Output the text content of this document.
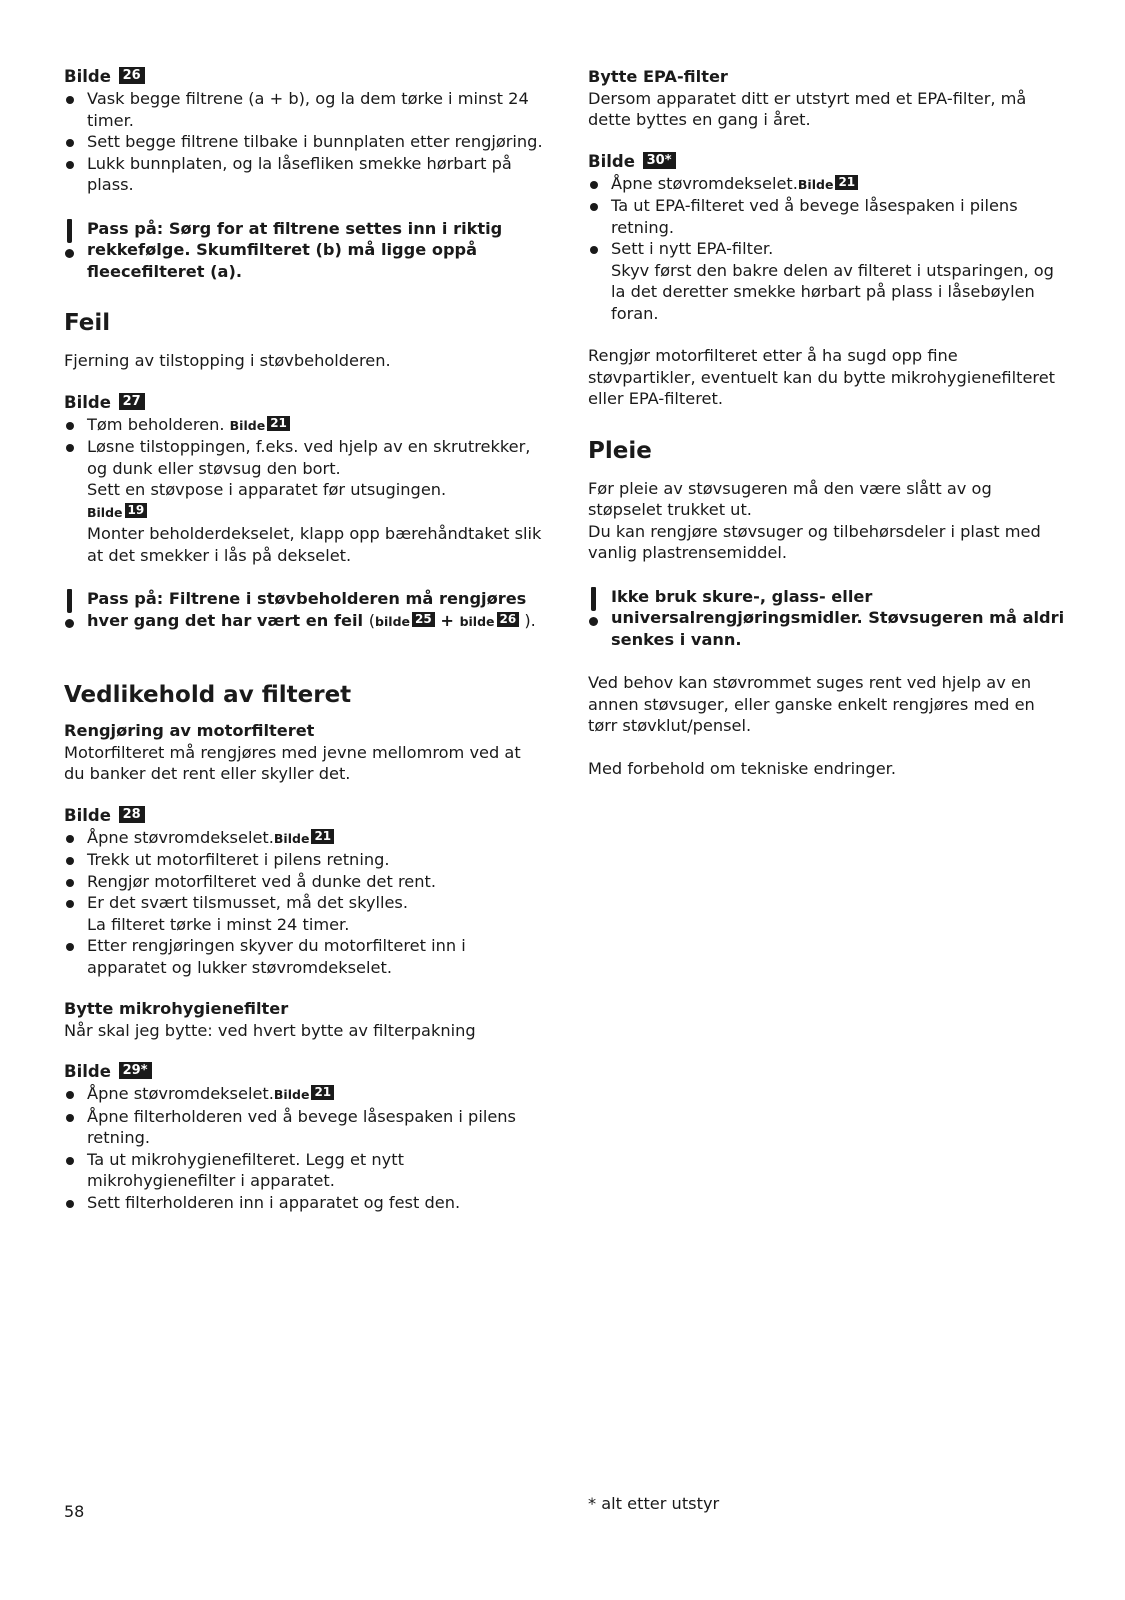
Bilde 26
Vask begge filtrene (a + b), og la dem tørke i minst 24 timer.
Sett begge filtrene tilbake i bunnplaten etter rengjøring.
Lukk bunnplaten, og la låsefliken smekke hørbart på plass.

Pass på: Sørg for at filtrene settes inn i riktig rekkefølge. Skumfilteret (b) må ligge oppå fleecefilteret (a).

Feil

Fjerning av tilstopping i støvbeholderen.

Bilde 27
Tøm beholderen. Bilde 21
Løsne tilstoppingen, f.eks. ved hjelp av en skrutrekker, og dunk eller støvsug den bort.
Sett en støvpose i apparatet før utsugingen.
Bilde 19
Monter beholderdekselet, klapp opp bærehåndtaket slik at det smekker i lås på dekselet.

Pass på: Filtrene i støvbeholderen må rengjøres hver gang det har vært en feil (bilde 25 + bilde 26 ).

Vedlikehold av filteret

Rengjøring av motorfilteret

Motorfilteret må rengjøres med jevne mellomrom ved at du banker det rent eller skyller det.

Bilde 28
Åpne støvromdekselet.Bilde 21
Trekk ut motorfilteret i pilens retning.
Rengjør motorfilteret ved å dunke det rent.
Er det svært tilsmusset, må det skylles.
La filteret tørke i minst 24 timer.
Etter rengjøringen skyver du motorfilteret inn i apparatet og lukker støvromdekselet.

Bytte mikrohygienefilter

Når skal jeg bytte: ved hvert bytte av filterpakning

Bilde 29*
Åpne støvromdekselet.Bilde 21
Åpne filterholderen ved å bevege låsespaken i pilens retning.
Ta ut mikrohygienefilteret. Legg et nytt mikrohygienefilter i apparatet.
Sett filterholderen inn i apparatet og fest den.

Bytte EPA-filter

Dersom apparatet ditt er utstyrt med et EPA-filter, må dette byttes en gang i året.

Bilde 30*
Åpne støvromdekselet.Bilde 21
Ta ut EPA-filteret ved å bevege låsespaken i pilens retning.
Sett i nytt EPA-filter.
Skyv først den bakre delen av filteret i utsparingen, og la det deretter smekke hørbart på plass i låsebøylen foran.

Rengjør motorfilteret etter å ha sugd opp fine støvpartikler, eventuelt kan du bytte mikrohygienefilteret eller EPA-filteret.

Pleie

Før pleie av støvsugeren må den være slått av og støpselet trukket ut.

Du kan rengjøre støvsuger og tilbehørsdeler i plast med vanlig plastrensemiddel.

Ikke bruk skure-, glass- eller universalrengjøringsmidler. Støvsugeren må aldri senkes i vann.

Ved behov kan støvrommet suges rent ved hjelp av en annen støvsuger, eller ganske enkelt rengjøres med en tørr støvklut/pensel.

Med forbehold om tekniske endringer.

58	* alt etter utstyr
